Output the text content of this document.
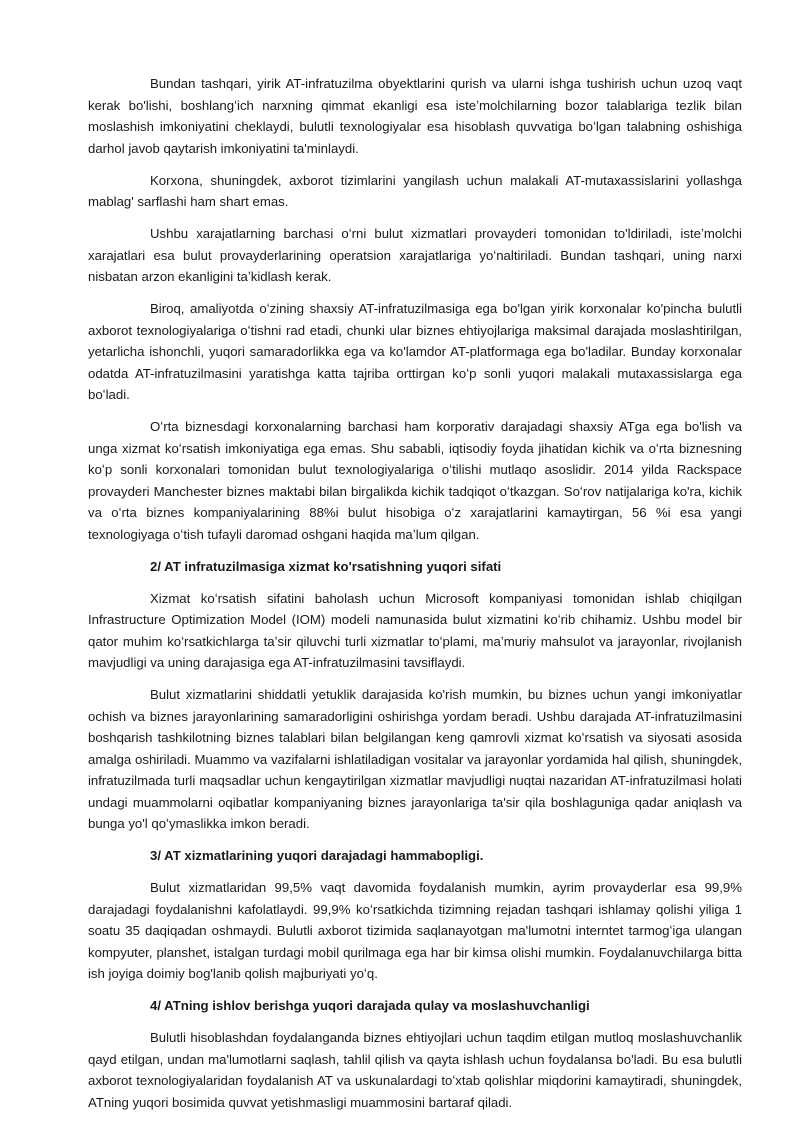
Bundan tashqari, yirik AT-infratuzilma obyektlarini qurish va ularni ishga tushirish uchun uzoq vaqt kerak bo'lishi, boshlangʻich narxning qimmat ekanligi esa isteʼmolchilarning bozor talablariga tezlik bilan moslashish imkoniyatini cheklaydi, bulutli texnologiyalar esa hisoblash quvvatiga boʻlgan talabning oshishiga darhol javob qaytarish imkoniyatini ta'minlaydi.

Korxona, shuningdek, axborot tizimlarini yangilash uchun malakali AT-mutaxassislarini yollashga mablag' sarflashi ham shart emas.

Ushbu xarajatlarning barchasi oʻrni bulut xizmatlari provayderi tomonidan to'ldiriladi, isteʼmolchi xarajatlari esa bulut provayderlarining operatsion xarajatlariga yoʻnaltiriladi. Bundan tashqari, uning narxi nisbatan arzon ekanligini taʼkidlash kerak.

Biroq, amaliyotda oʻzining shaxsiy AT-infratuzilmasiga ega bo'lgan yirik korxonalar ko'pincha bulutli axborot texnologiyalariga oʻtishni rad etadi, chunki ular biznes ehtiyojlariga maksimal darajada moslashtirilgan, yetarlicha ishonchli, yuqori samaradorlikka ega va ko'lamdor AT-platformaga ega bo'ladilar. Bunday korxonalar odatda AT-infratuzilmasini yaratishga katta tajriba orttirgan koʻp sonli yuqori malakali mutaxassislarga ega boʻladi.

Oʻrta biznesdagi korxonalarning barchasi ham korporativ darajadagi shaxsiy ATga ega bo'lish va unga xizmat koʻrsatish imkoniyatiga ega emas. Shu sababli, iqtisodiy foyda jihatidan kichik va oʻrta biznesning koʻp sonli korxonalari tomonidan bulut texnologiyalariga oʻtilishi mutlaqo asoslidir. 2014 yilda Rackspace provayderi Manchester biznes maktabi bilan birgalikda kichik tadqiqot oʻtkazgan. Soʻrov natijalariga ko'ra, kichik va oʻrta biznes kompaniyalarining 88%i bulut hisobiga oʻz xarajatlarini kamaytirgan, 56 %i esa yangi texnologiyaga oʻtish tufayli daromad oshgani haqida maʼlum qilgan.

2/ AT infratuzilmasiga xizmat ko'rsatishning yuqori sifati

Xizmat koʻrsatish sifatini baholash uchun Microsoft kompaniyasi tomonidan ishlab chiqilgan Infrastructure Optimization Model (IOM) modeli namunasida bulut xizmatini koʻrib chihamiz. Ushbu model bir qator muhim koʻrsatkichlarga taʼsir qiluvchi turli xizmatlar toʻplami, maʼmuriy mahsulot va jarayonlar, rivojlanish mavjudligi va uning darajasiga ega AT-infratuzilmasini tavsiflaydi.

Bulut xizmatlarini shiddatli yetuklik darajasida ko'rish mumkin, bu biznes uchun yangi imkoniyatlar ochish va biznes jarayonlarining samaradorligini oshirishga yordam beradi. Ushbu darajada AT-infratuzilmasini boshqarish tashkilotning biznes talablari bilan belgilangan keng qamrovli xizmat koʻrsatish va siyosati asosida amalga oshiriladi. Muammo va vazifalarni ishlatiladigan vositalar va jarayonlar yordamida hal qilish, shuningdek, infratuzilmada turli maqsadlar uchun kengaytirilgan xizmatlar mavjudligi nuqtai nazaridan AT-infratuzilmasi holati undagi muammolarni oqibatlar kompaniyaning biznes jarayonlariga ta'sir qila boshlaguniga qadar aniqlash va bunga yo'l qoʻymaslikka imkon beradi.

3/ AT xizmatlarining yuqori darajadagi hammabopligi.

Bulut xizmatlaridan 99,5% vaqt davomida foydalanish mumkin, ayrim provayderlar esa 99,9% darajadagi foydalanishni kafolatlaydi. 99,9% koʻrsatkichda tizimning rejadan tashqari ishlamay qolishi yiliga 1 soatu 35 daqiqadan oshmaydi. Bulutli axborot tizimida saqlanayotgan ma'lumotni interntet tarmogʻiga ulangan kompyuter, planshet, istalgan turdagi mobil qurilmaga ega har bir kimsa olishi mumkin. Foydalanuvchilarga bitta ish joyiga doimiy bog'lanib qolish majburiyati yoʻq.

4/ ATning ishlov berishga yuqori darajada qulay va moslashuvchanligi

Bulutli hisoblashdan foydalanganda biznes ehtiyojlari uchun taqdim etilgan mutloq moslashuvchanlik qayd etilgan, undan ma'lumotlarni saqlash, tahlil qilish va qayta ishlash uchun foydalansa bo'ladi. Bu esa bulutli axborot texnologiyalaridan foydalanish AT va uskunalardagi toʻxtab qolishlar miqdorini kamaytiradi, shuningdek, ATning yuqori bosimida quvvat yetishmasligi muammosini bartaraf qiladi.
